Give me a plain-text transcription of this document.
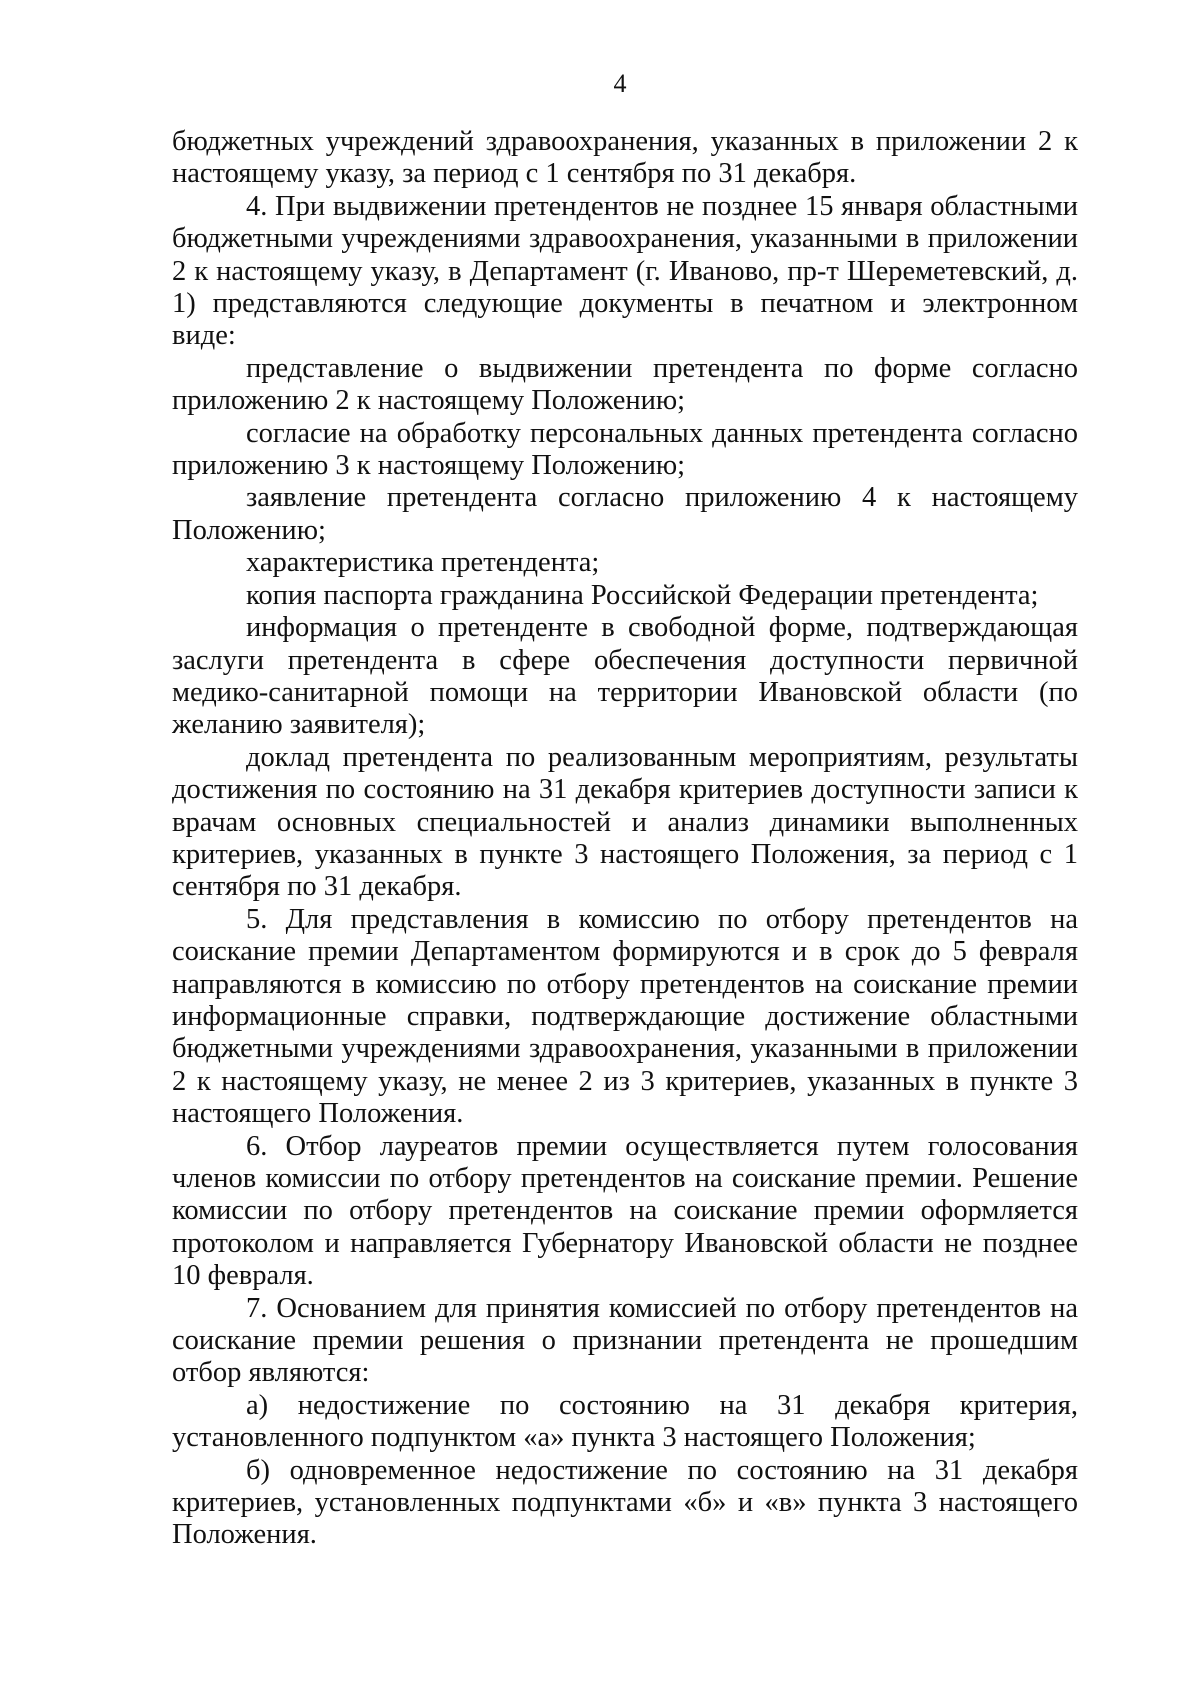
4

бюджетных учреждений здравоохранения, указанных в приложении 2 к настоящему указу, за период с 1 сентября по 31 декабря.

4. При выдвижении претендентов не позднее 15 января областными бюджетными учреждениями здравоохранения, указанными в приложении 2 к настоящему указу, в Департамент (г. Иваново, пр-т Шереметевский, д. 1) представляются следующие документы в печатном и электронном виде:

представление о выдвижении претендента по форме согласно приложению 2 к настоящему Положению;

согласие на обработку персональных данных претендента согласно приложению 3 к настоящему Положению;

заявление претендента согласно приложению 4 к настоящему Положению;

характеристика претендента;

копия паспорта гражданина Российской Федерации претендента;

информация о претенденте в свободной форме, подтверждающая заслуги претендента в сфере обеспечения доступности первичной медико-санитарной помощи на территории Ивановской области (по желанию заявителя);

доклад претендента по реализованным мероприятиям, результаты достижения по состоянию на 31 декабря критериев доступности записи к врачам основных специальностей и анализ динамики выполненных критериев, указанных в пункте 3 настоящего Положения, за период с 1 сентября по 31 декабря.

5. Для представления в комиссию по отбору претендентов на соискание премии Департаментом формируются и в срок до 5 февраля направляются в комиссию по отбору претендентов на соискание премии информационные справки, подтверждающие достижение областными бюджетными учреждениями здравоохранения, указанными в приложении 2 к настоящему указу, не менее 2 из 3 критериев, указанных в пункте 3 настоящего Положения.

6. Отбор лауреатов премии осуществляется путем голосования членов комиссии по отбору претендентов на соискание премии. Решение комиссии по отбору претендентов на соискание премии оформляется протоколом и направляется Губернатору Ивановской области не позднее 10 февраля.

7. Основанием для принятия комиссией по отбору претендентов на соискание премии решения о признании претендента не прошедшим отбор являются:

а) недостижение по состоянию на 31 декабря критерия, установленного подпунктом «а» пункта 3 настоящего Положения;

б) одновременное недостижение по состоянию на 31 декабря критериев, установленных подпунктами «б» и «в» пункта 3 настоящего Положения.
